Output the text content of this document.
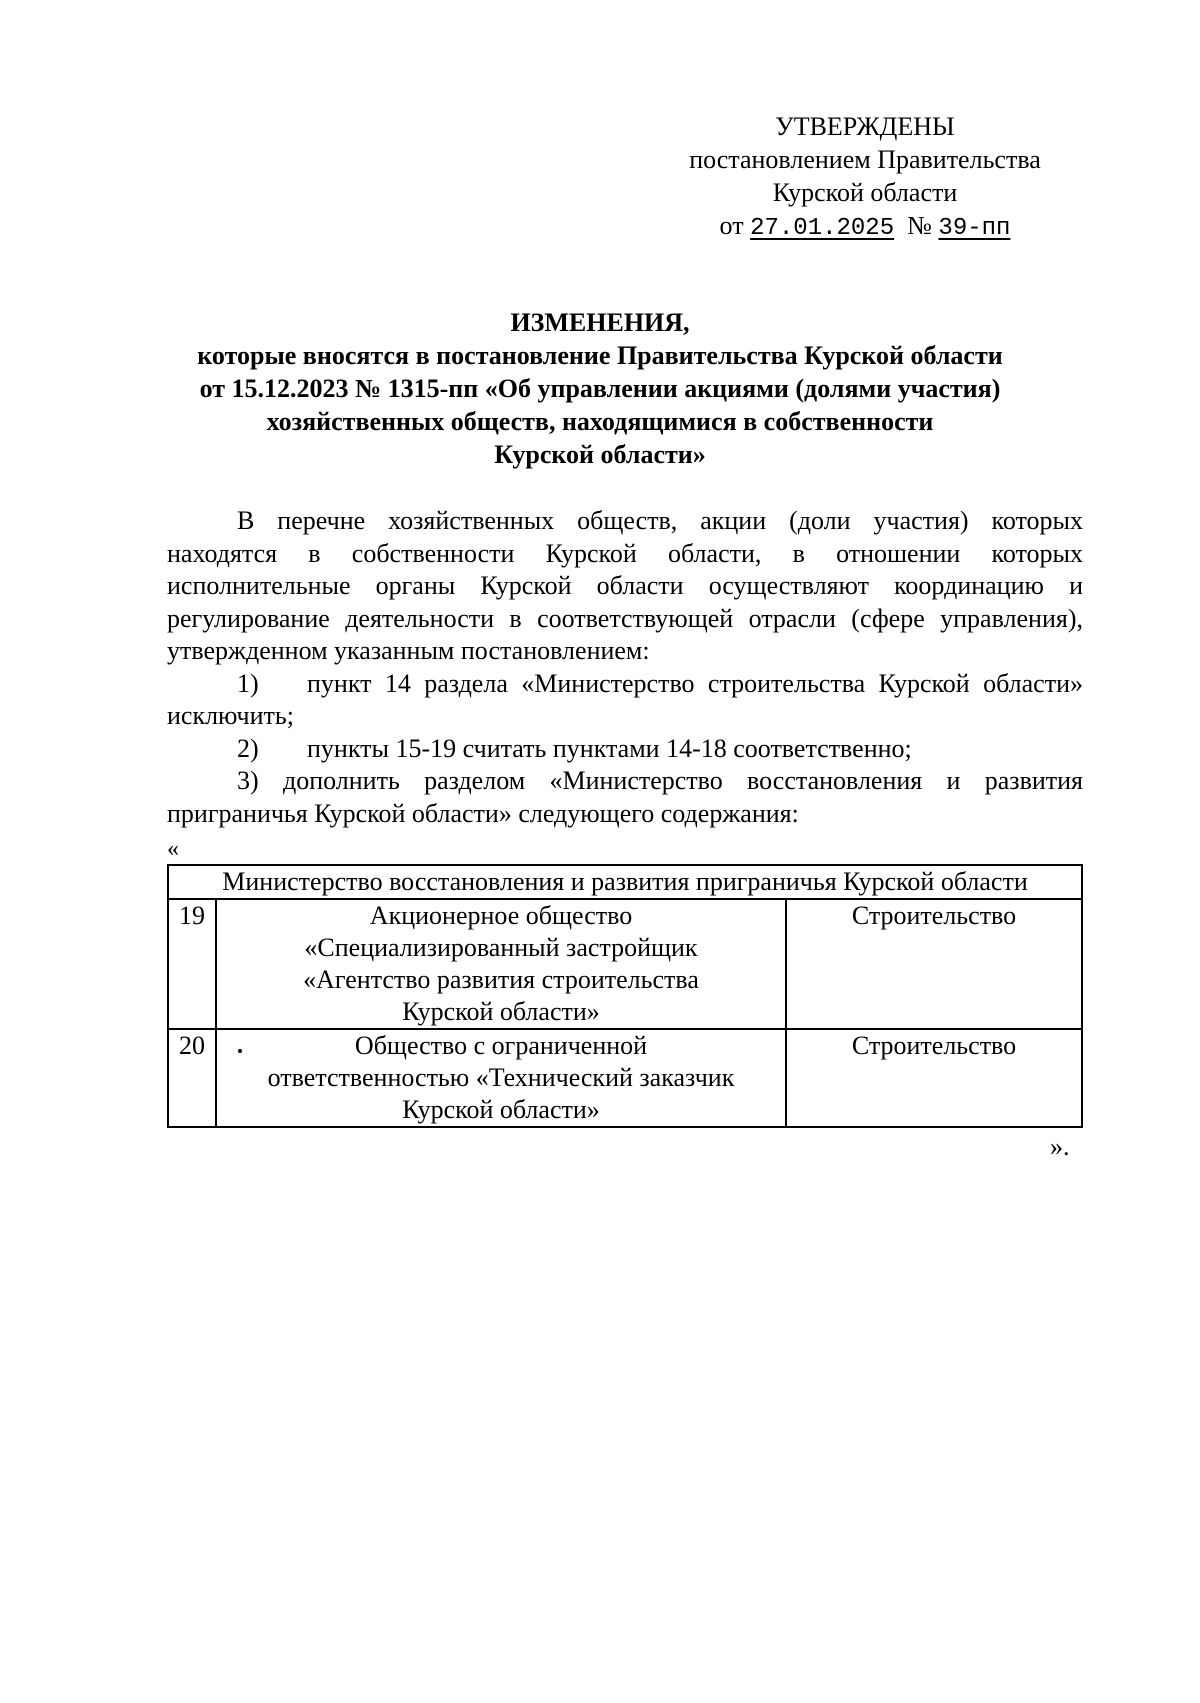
УТВЕРЖДЕНЫ
постановлением Правительства
Курской области
от 27.01.2025 № 39-пп
ИЗМЕНЕНИЯ,
которые вносятся в постановление Правительства Курской области
от 15.12.2023 № 1315-пп «Об управлении акциями (долями участия)
хозяйственных обществ, находящимися в собственности
Курской области»

В перечне хозяйственных обществ, акции (доли участия) которых находятся в собственности Курской области, в отношении которых исполнительные органы Курской области осуществляют координацию и регулирование деятельности в соответствующей отрасли (сфере управления), утвержденном указанным постановлением:

1) пункт 14 раздела «Министерство строительства Курской области» исключить;

2) пункты 15-19 считать пунктами 14-18 соответственно;

3) дополнить разделом «Министерство восстановления и развития приграничья Курской области» следующего содержания:

«
Министерство восстановления и развития приграничья Курской области		
19	Акционерное общество
«Специализированный застройщик
«Агентство развития строительства
Курской области»	Строительство
20	Общество с ограниченной
ответственностью «Технический заказчик
Курской области»	Строительство
».
